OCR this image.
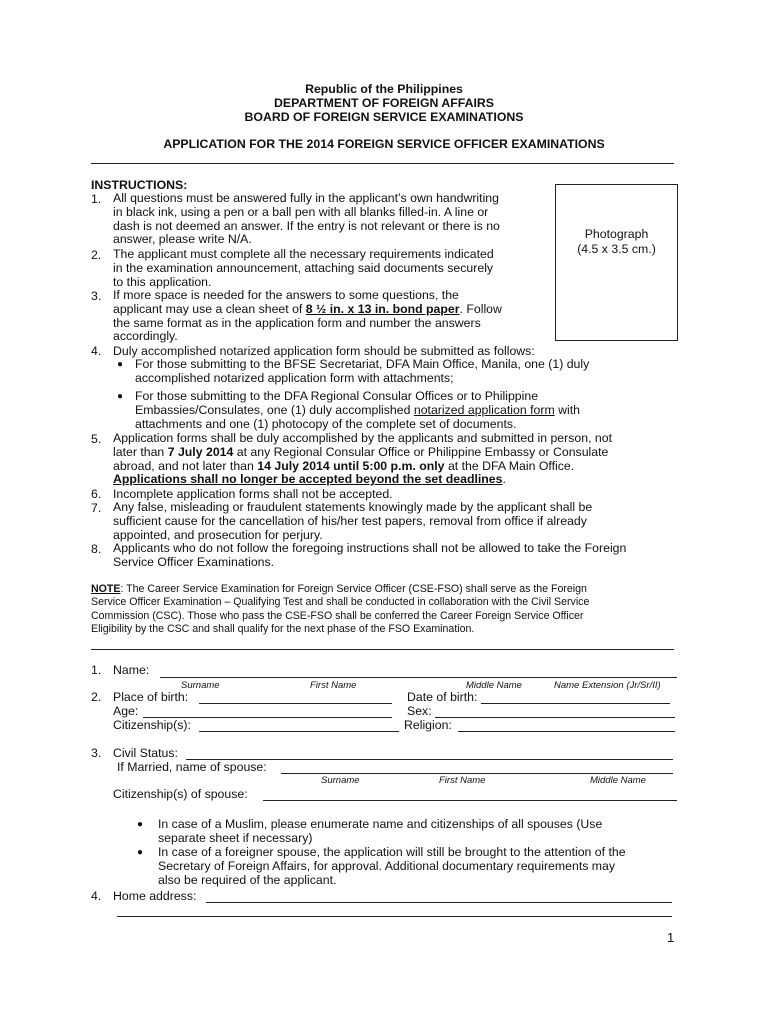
Republic of the Philippines
DEPARTMENT OF FOREIGN AFFAIRS
BOARD OF FOREIGN SERVICE EXAMINATIONS
APPLICATION FOR THE 2014 FOREIGN SERVICE OFFICER EXAMINATIONS
Photograph
(4.5 x 3.5 cm.)
INSTRUCTIONS:
1. All questions must be answered fully in the applicant’s own handwriting
in black ink, using a pen or a ball pen with all blanks filled-in. A line or
dash is not deemed an answer. If the entry is not relevant or there is no
answer, please write N/A.
2. The applicant must complete all the necessary requirements indicated
in the examination announcement, attaching said documents securely
to this application.
3. If more space is needed for the answers to some questions, the
applicant may use a clean sheet of 8 ½ in. x 13 in. bond paper. Follow
the same format as in the application form and number the answers
accordingly.
4. Duly accomplished notarized application form should be submitted as follows:
● For those submitting to the BFSE Secretariat, DFA Main Office, Manila, one (1) duly
accomplished notarized application form with attachments;
● For those submitting to the DFA Regional Consular Offices or to Philippine
Embassies/Consulates, one (1) duly accomplished notarized application form with
attachments and one (1) photocopy of the complete set of documents.
5. Application forms shall be duly accomplished by the applicants and submitted in person, not
later than 7 July 2014 at any Regional Consular Office or Philippine Embassy or Consulate
abroad, and not later than 14 July 2014 until 5:00 p.m. only at the DFA Main Office.
Applications shall no longer be accepted beyond the set deadlines.
6. Incomplete application forms shall not be accepted.
7. Any false, misleading or fraudulent statements knowingly made by the applicant shall be
sufficient cause for the cancellation of his/her test papers, removal from office if already
appointed, and prosecution for perjury.
8. Applicants who do not follow the foregoing instructions shall not be allowed to take the Foreign
Service Officer Examinations.
NOTE: The Career Service Examination for Foreign Service Officer (CSE-FSO) shall serve as the Foreign
Service Officer Examination – Qualifying Test and shall be conducted in collaboration with the Civil Service
Commission (CSC). Those who pass the CSE-FSO shall be conferred the Career Foreign Service Officer
Eligibility by the CSC and shall qualify for the next phase of the FSO Examination.
1. Name:
Surname	First Name	Middle Name	Name Extension (Jr/Sr/II)
2. Place of birth:	Date of birth:
Age:	Sex:
Citizenship(s):	Religion:
3. Civil Status:
If Married, name of spouse:
Surname	First Name	Middle Name
Citizenship(s) of spouse:
● In case of a Muslim, please enumerate name and citizenships of all spouses (Use
separate sheet if necessary)
● In case of a foreigner spouse, the application will still be brought to the attention of the
Secretary of Foreign Affairs, for approval. Additional documentary requirements may
also be required of the applicant.
4. Home address:
1
